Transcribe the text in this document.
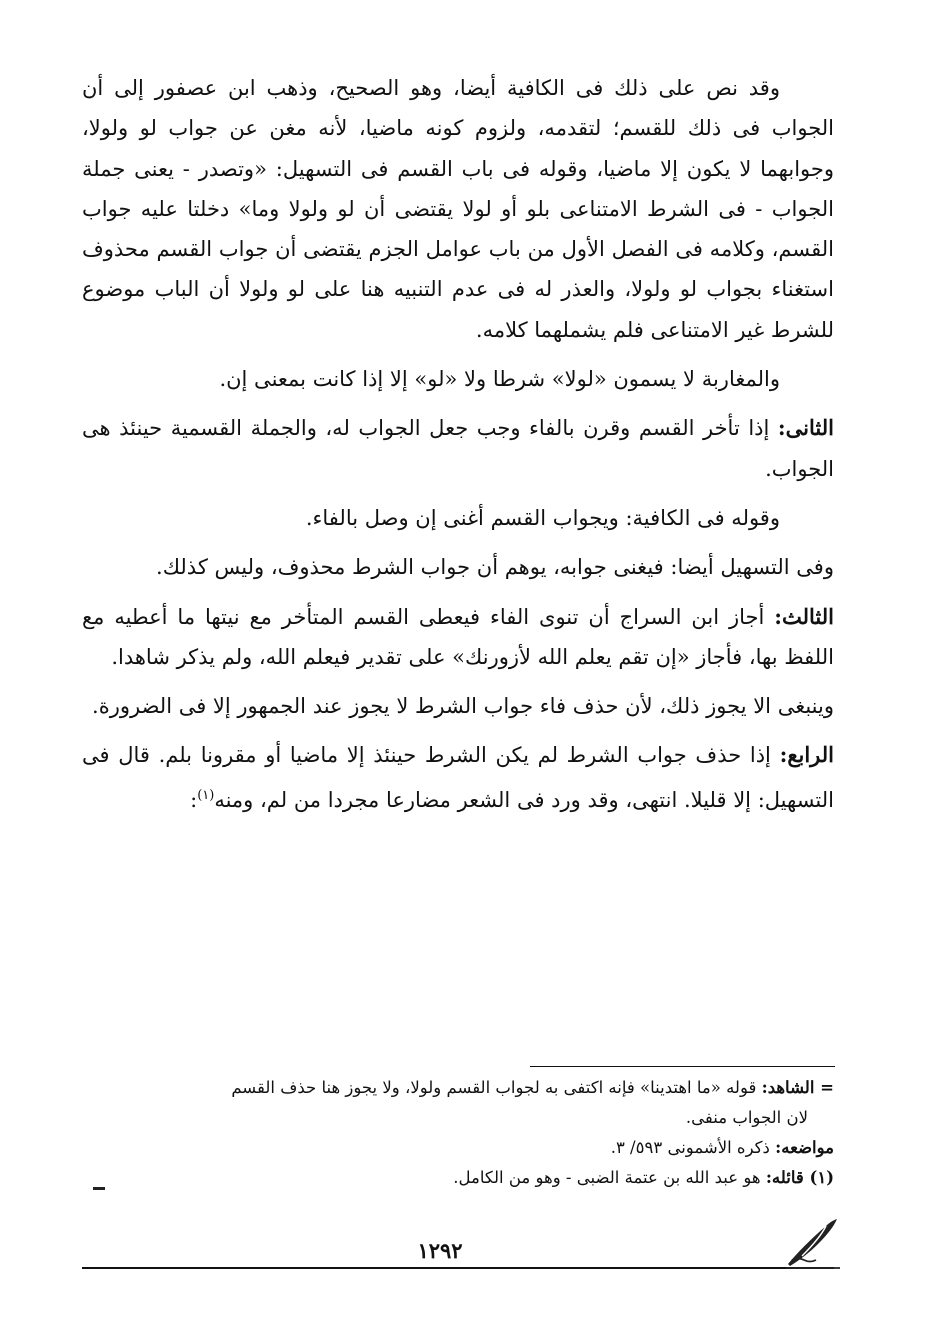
وقد نص على ذلك فى الكافية أيضا، وهو الصحيح، وذهب ابن عصفور إلى أن الجواب فى ذلك للقسم؛ لتقدمه، ولزوم كونه ماضيا، لأنه مغن عن جواب لو ولولا، وجوابهما لا يكون إلا ماضيا، وقوله فى باب القسم فى التسهيل: «وتصدر - يعنى جملة الجواب - فى الشرط الامتناعى بلو أو لولا يقتضى أن لو ولولا وما» دخلتا عليه جواب القسم، وكلامه فى الفصل الأول من باب عوامل الجزم يقتضى أن جواب القسم محذوف استغناء بجواب لو ولولا، والعذر له فى عدم التنبيه هنا على لو ولولا أن الباب موضوع للشرط غير الامتناعى فلم يشملهما كلامه.

والمغاربة لا يسمون «لولا» شرطا ولا «لو» إلا إذا كانت بمعنى إن.

الثانى: إذا تأخر القسم وقرن بالفاء وجب جعل الجواب له، والجملة القسمية حينئذ هى الجواب.

وقوله فى الكافية: ويجواب القسم أغنى إن وصل بالفاء.

وفى التسهيل أيضا: فيغنى جوابه، يوهم أن جواب الشرط محذوف، وليس كذلك.

الثالث: أجاز ابن السراج أن تنوى الفاء فيعطى القسم المتأخر مع نيتها ما أعطيه مع اللفظ بها، فأجاز «إن تقم يعلم الله لأزورنك» على تقدير فيعلم الله، ولم يذكر شاهدا.

وينبغى الا يجوز ذلك، لأن حذف فاء جواب الشرط لا يجوز عند الجمهور إلا فى الضرورة.

الرابع: إذا حذف جواب الشرط لم يكن الشرط حينئذ إلا ماضيا أو مقرونا بلم. قال فى التسهيل: إلا قليلا. انتهى، وقد ورد فى الشعر مضارعا مجردا من لم، ومنه$^{(١)}$:

= الشاهد: قوله «ما اهتدينا» فإنه اكتفى به لجواب القسم ولولا، ولا يجوز هنا حذف القسم

لان الجواب منفى.

مواضعه: ذكره الأشمونى ٥٩٣/ ٣.

(١) قائله: هو عبد الله بن عتمة الضبى - وهو من الكامل.

١٢٩٢
